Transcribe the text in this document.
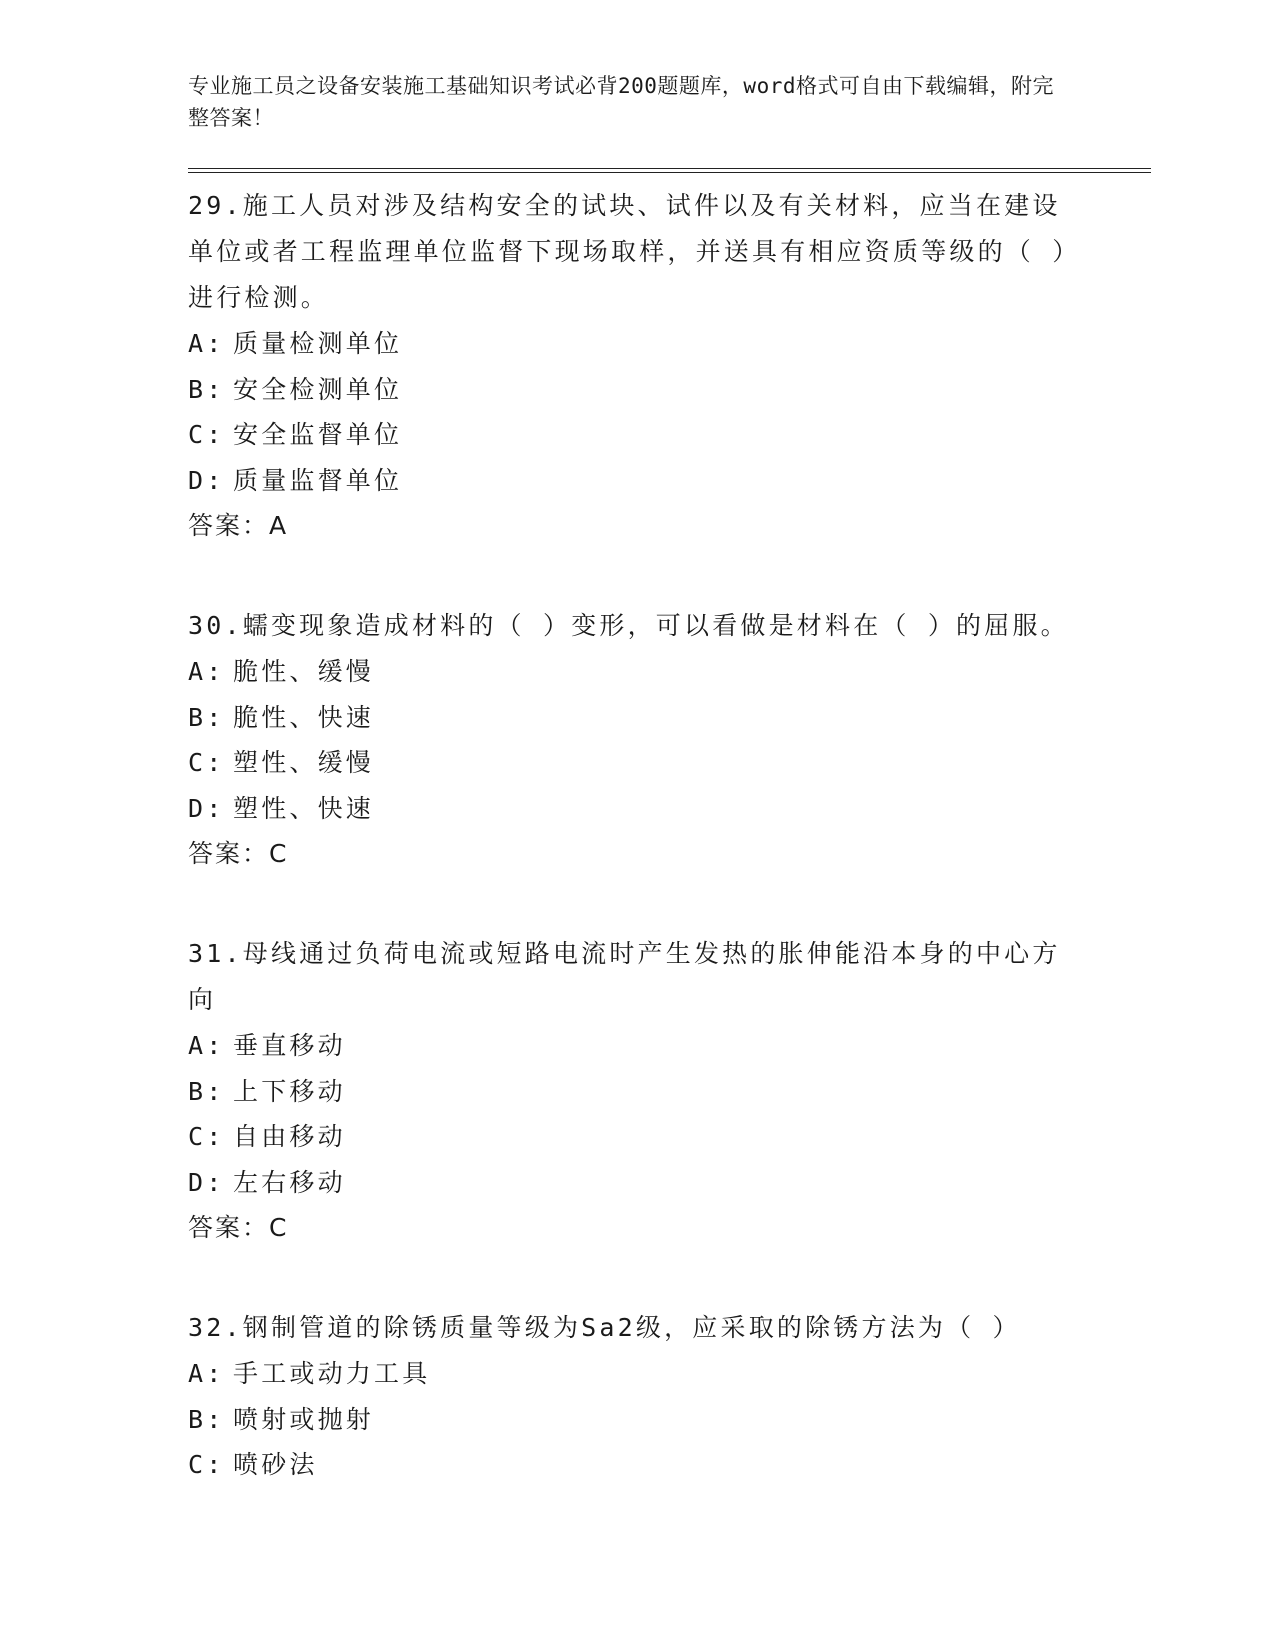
专业施工员之设备安装施工基础知识考试必背200题题库，word格式可自由下载编辑，附完整答案！
29.施工人员对涉及结构安全的试块、试件以及有关材料，应当在建设单位或者工程监理单位监督下现场取样，并送具有相应资质等级的（ ）进行检测。
A: 质量检测单位
B: 安全检测单位
C: 安全监督单位
D: 质量监督单位
答案：A
30.蠕变现象造成材料的（ ）变形，可以看做是材料在（ ）的屈服。
A: 脆性、缓慢
B: 脆性、快速
C: 塑性、缓慢
D: 塑性、快速
答案：C
31.母线通过负荷电流或短路电流时产生发热的胀伸能沿本身的中心方向
A: 垂直移动
B: 上下移动
C: 自由移动
D: 左右移动
答案：C
32.钢制管道的除锈质量等级为Sa2级，应采取的除锈方法为（ ）
A: 手工或动力工具
B: 喷射或抛射
C: 喷砂法
